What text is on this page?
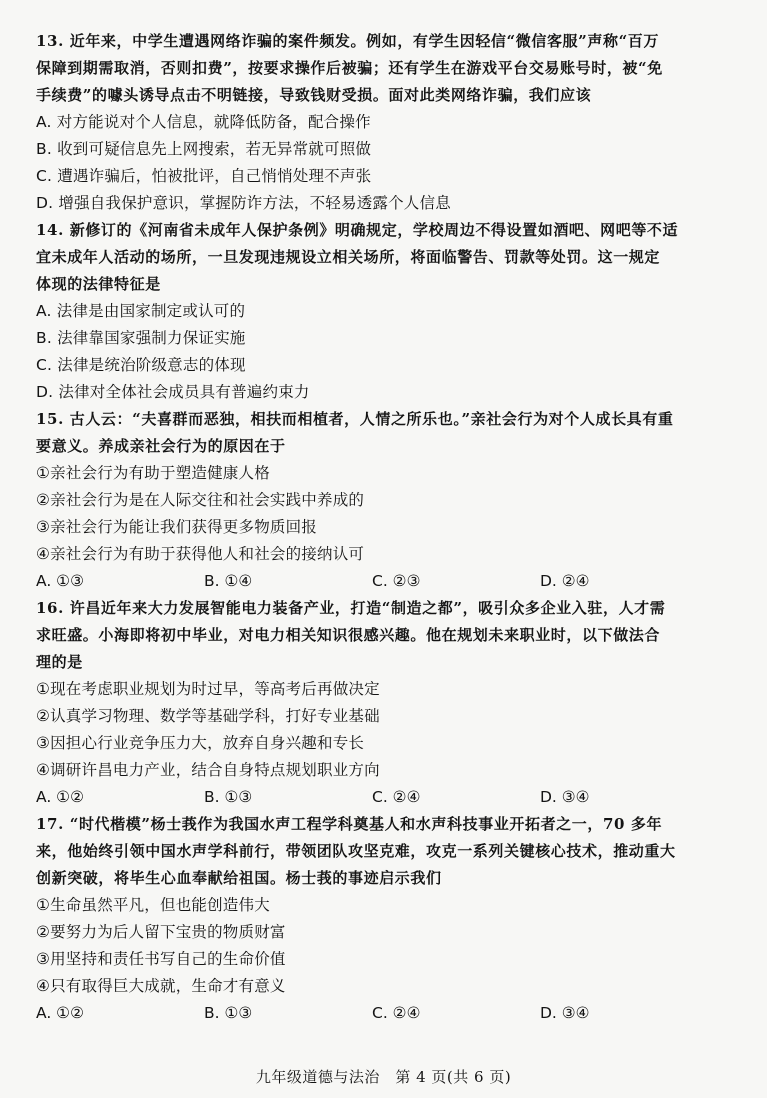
13. 近年来，中学生遭遇网络诈骗的案件频发。例如，有学生因轻信“微信客服”声称“百万
保障到期需取消，否则扣费”，按要求操作后被骗；还有学生在游戏平台交易账号时，被“免
手续费”的噱头诱导点击不明链接，导致钱财受损。面对此类网络诈骗，我们应该
A. 对方能说对个人信息，就降低防备，配合操作
B. 收到可疑信息先上网搜索，若无异常就可照做
C. 遭遇诈骗后，怕被批评，自己悄悄处理不声张
D. 增强自我保护意识，掌握防诈方法，不轻易透露个人信息
14. 新修订的《河南省未成年人保护条例》明确规定，学校周边不得设置如酒吧、网吧等不适
宜未成年人活动的场所，一旦发现违规设立相关场所，将面临警告、罚款等处罚。这一规定
体现的法律特征是
A. 法律是由国家制定或认可的
B. 法律靠国家强制力保证实施
C. 法律是统治阶级意志的体现
D. 法律对全体社会成员具有普遍约束力
15. 古人云：“夫喜群而恶独，相扶而相植者，人情之所乐也。”亲社会行为对个人成长具有重
要意义。养成亲社会行为的原因在于
①亲社会行为有助于塑造健康人格
②亲社会行为是在人际交往和社会实践中养成的
③亲社会行为能让我们获得更多物质回报
④亲社会行为有助于获得他人和社会的接纳认可
A. ①③	B. ①④	C. ②③	D. ②④
16. 许昌近年来大力发展智能电力装备产业，打造“制造之都”，吸引众多企业入驻，人才需
求旺盛。小海即将初中毕业，对电力相关知识很感兴趣。他在规划未来职业时，以下做法合
理的是
①现在考虑职业规划为时过早，等高考后再做决定
②认真学习物理、数学等基础学科，打好专业基础
③因担心行业竞争压力大，放弃自身兴趣和专长
④调研许昌电力产业，结合自身特点规划职业方向
A. ①②	B. ①③	C. ②④	D. ③④
17. “时代楷模”杨士莪作为我国水声工程学科奠基人和水声科技事业开拓者之一，70 多年
来，他始终引领中国水声学科前行，带领团队攻坚克难，攻克一系列关键核心技术，推动重大
创新突破，将毕生心血奉献给祖国。杨士莪的事迹启示我们
①生命虽然平凡，但也能创造伟大
②要努力为后人留下宝贵的物质财富
③用坚持和责任书写自己的生命价值
④只有取得巨大成就，生命才有意义
A. ①②	B. ①③	C. ②④	D. ③④
九年级道德与法治　第 4 页(共 6 页)
